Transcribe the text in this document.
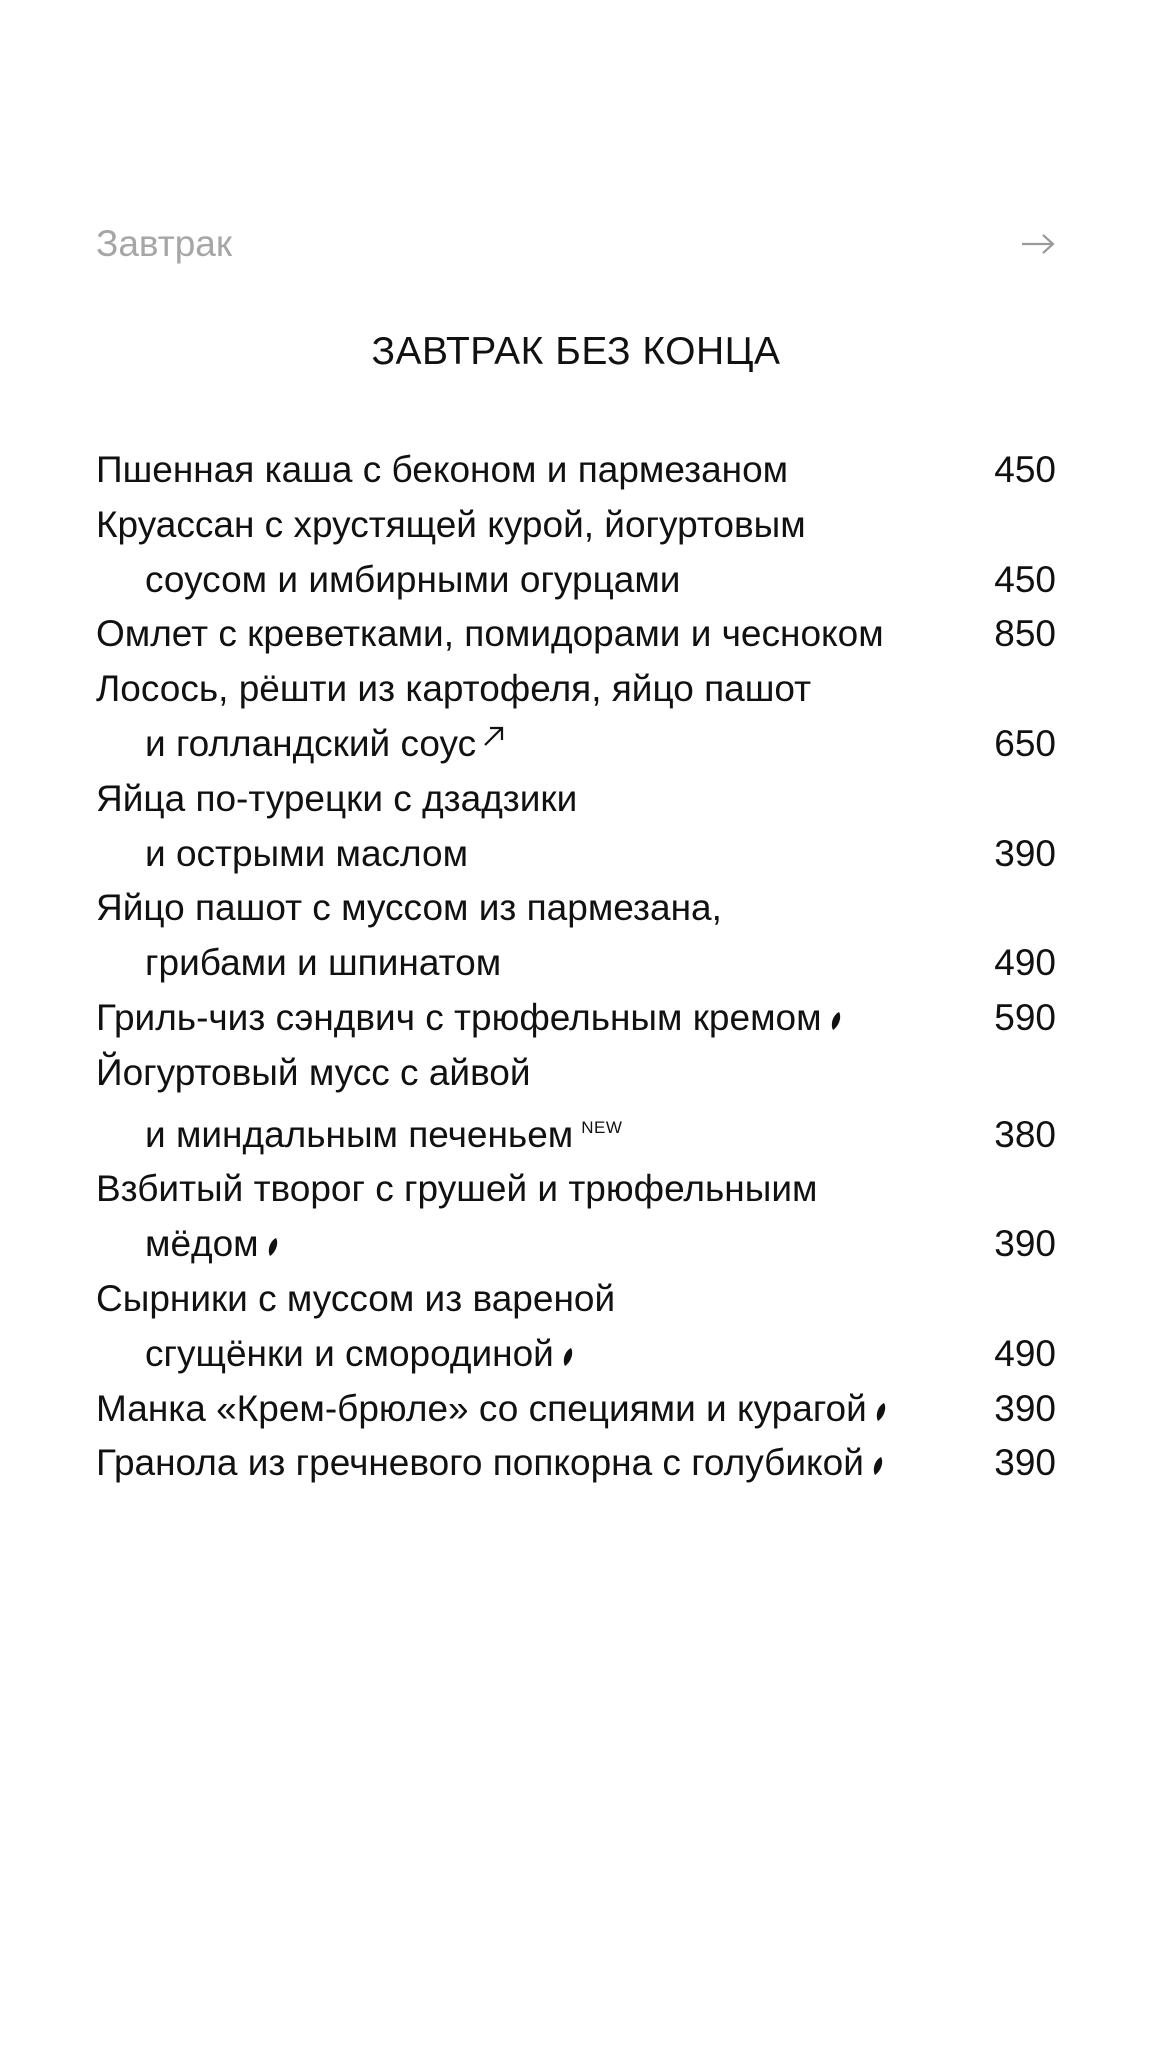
Завтрак
ЗАВТРАК БЕЗ КОНЦА
Пшенная каша с беконом и пармезаном	450
Круассан с хрустящей курой, йогуртовым
соусом и имбирными огурцами	450
Омлет с креветками, помидорами и чесноком	850
Лосось, рёшти из картофеля, яйцо пашот
и голландский соус	650
Яйца по-турецки с дзадзики
и острыми маслом	390
Яйцо пашот с муссом из пармезана,
грибами и шпинатом	490
Гриль-чиз сэндвич с трюфельным кремом	590
Йогуртовый мусс с айвой
и миндальным печеньем $^{NEW}$	380
Взбитый творог с грушей и трюфельныим
мёдом	390
Сырники с муссом из вареной
сгущёнки и смородиной	490
Манка «Крем-брюле» со специями и курагой	390
Гранола из гречневого попкорна с голубикой	390
